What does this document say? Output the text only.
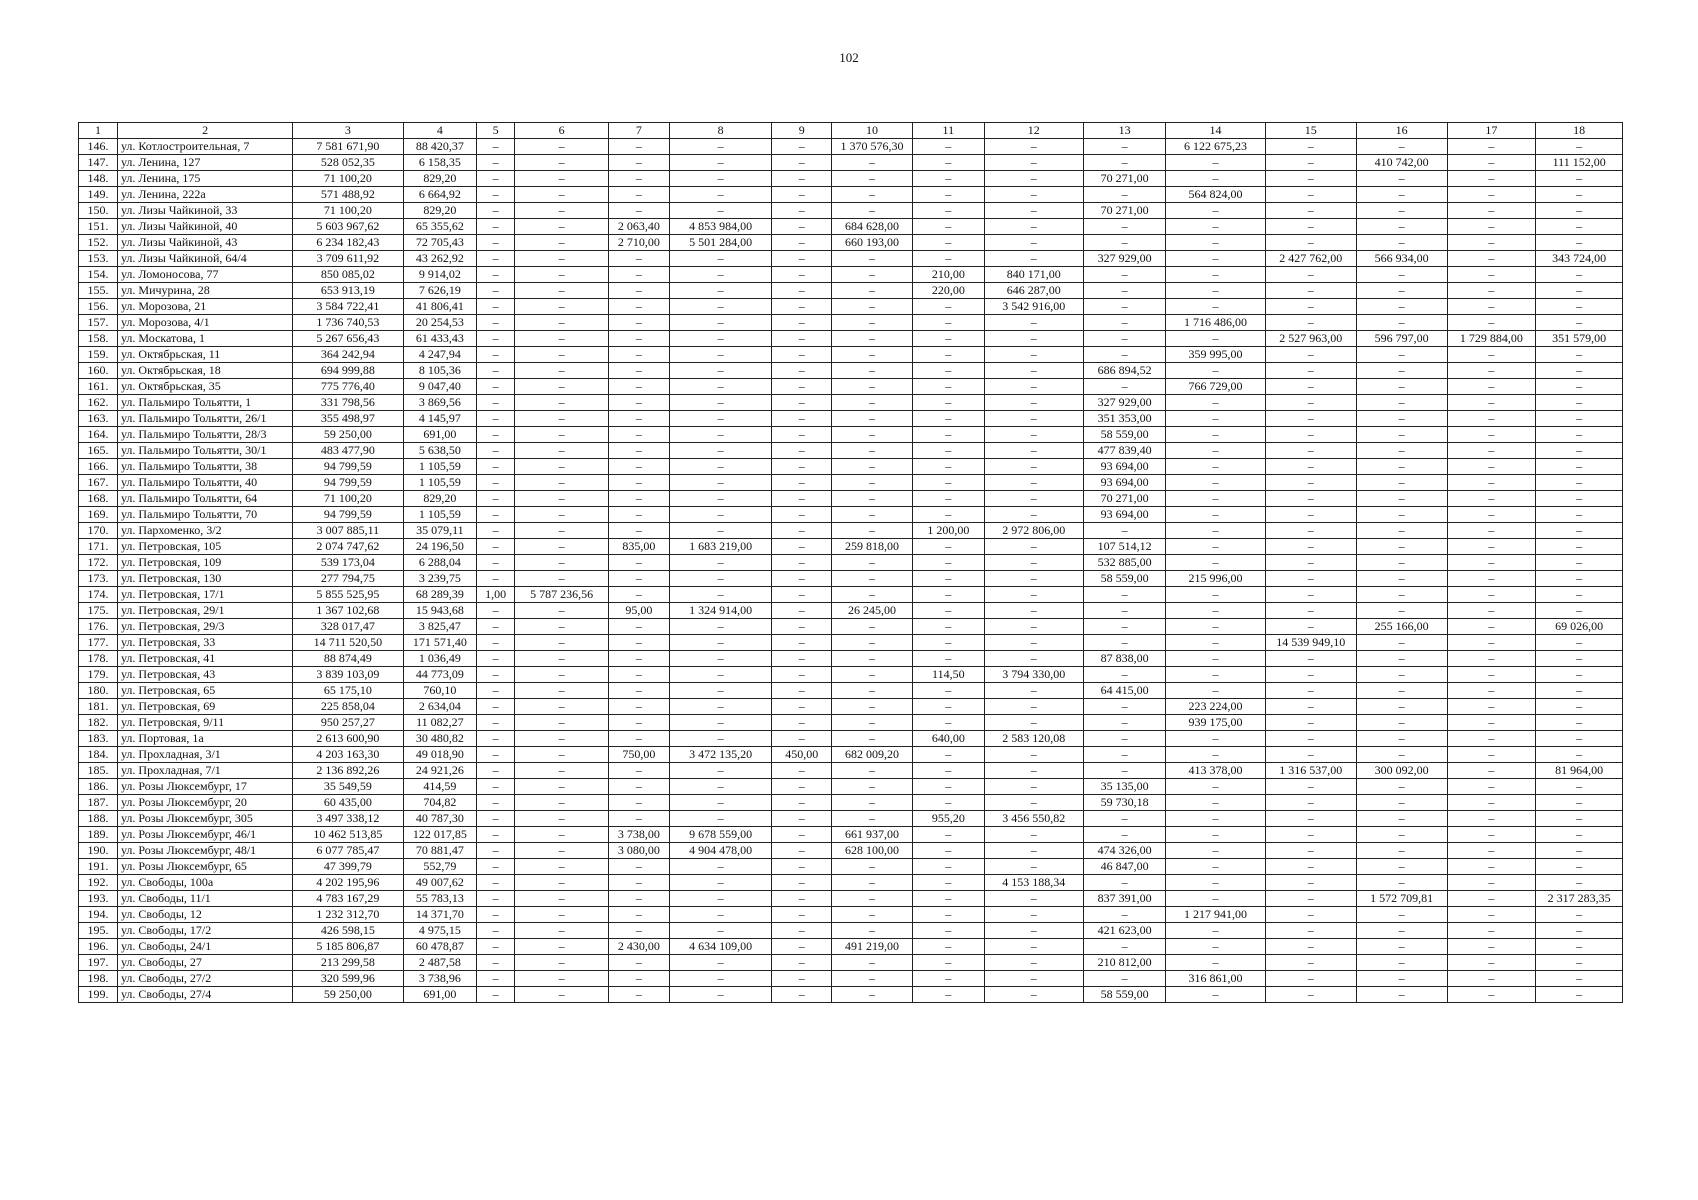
102
1	2	3	4	5	6	7	8	9	10	11	12	13	14	15	16	17	18
146.	ул. Котлостроительная, 7	7 581 671,90	88 420,37	–	–	–	–	–	1 370 576,30	–	–	–	6 122 675,23	–	–	–	–
147.	ул. Ленина, 127	528 052,35	6 158,35	–	–	–	–	–	–	–	–	–	–	–	410 742,00	–	111 152,00
148.	ул. Ленина, 175	71 100,20	829,20	–	–	–	–	–	–	–	–	70 271,00	–	–	–	–	–
149.	ул. Ленина, 222а	571 488,92	6 664,92	–	–	–	–	–	–	–	–	–	564 824,00	–	–	–	–
150.	ул. Лизы Чайкиной, 33	71 100,20	829,20	–	–	–	–	–	–	–	–	70 271,00	–	–	–	–	–
151.	ул. Лизы Чайкиной, 40	5 603 967,62	65 355,62	–	–	2 063,40	4 853 984,00	–	684 628,00	–	–	–	–	–	–	–	–
152.	ул. Лизы Чайкиной, 43	6 234 182,43	72 705,43	–	–	2 710,00	5 501 284,00	–	660 193,00	–	–	–	–	–	–	–	–
153.	ул. Лизы Чайкиной, 64/4	3 709 611,92	43 262,92	–	–	–	–	–	–	–	–	327 929,00	–	2 427 762,00	566 934,00	–	343 724,00
154.	ул. Ломоносова, 77	850 085,02	9 914,02	–	–	–	–	–	–	210,00	840 171,00	–	–	–	–	–	–
155.	ул. Мичурина, 28	653 913,19	7 626,19	–	–	–	–	–	–	220,00	646 287,00	–	–	–	–	–	–
156.	ул. Морозова, 21	3 584 722,41	41 806,41	–	–	–	–	–	–	–	3 542 916,00	–	–	–	–	–	–
157.	ул. Морозова, 4/1	1 736 740,53	20 254,53	–	–	–	–	–	–	–	–	–	1 716 486,00	–	–	–	–
158.	ул. Москатова, 1	5 267 656,43	61 433,43	–	–	–	–	–	–	–	–	–	–	2 527 963,00	596 797,00	1 729 884,00	351 579,00
159.	ул. Октябрьская, 11	364 242,94	4 247,94	–	–	–	–	–	–	–	–	–	359 995,00	–	–	–	–
160.	ул. Октябрьская, 18	694 999,88	8 105,36	–	–	–	–	–	–	–	–	686 894,52	–	–	–	–	–
161.	ул. Октябрьская, 35	775 776,40	9 047,40	–	–	–	–	–	–	–	–	–	766 729,00	–	–	–	–
162.	ул. Пальмиро Тольятти, 1	331 798,56	3 869,56	–	–	–	–	–	–	–	–	327 929,00	–	–	–	–	–
163.	ул. Пальмиро Тольятти, 26/1	355 498,97	4 145,97	–	–	–	–	–	–	–	–	351 353,00	–	–	–	–	–
164.	ул. Пальмиро Тольятти, 28/3	59 250,00	691,00	–	–	–	–	–	–	–	–	58 559,00	–	–	–	–	–
165.	ул. Пальмиро Тольятти, 30/1	483 477,90	5 638,50	–	–	–	–	–	–	–	–	477 839,40	–	–	–	–	–
166.	ул. Пальмиро Тольятти, 38	94 799,59	1 105,59	–	–	–	–	–	–	–	–	93 694,00	–	–	–	–	–
167.	ул. Пальмиро Тольятти, 40	94 799,59	1 105,59	–	–	–	–	–	–	–	–	93 694,00	–	–	–	–	–
168.	ул. Пальмиро Тольятти, 64	71 100,20	829,20	–	–	–	–	–	–	–	–	70 271,00	–	–	–	–	–
169.	ул. Пальмиро Тольятти, 70	94 799,59	1 105,59	–	–	–	–	–	–	–	–	93 694,00	–	–	–	–	–
170.	ул. Пархоменко, 3/2	3 007 885,11	35 079,11	–	–	–	–	–	–	1 200,00	2 972 806,00	–	–	–	–	–	–
171.	ул. Петровская, 105	2 074 747,62	24 196,50	–	–	835,00	1 683 219,00	–	259 818,00	–	–	107 514,12	–	–	–	–	–
172.	ул. Петровская, 109	539 173,04	6 288,04	–	–	–	–	–	–	–	–	532 885,00	–	–	–	–	–
173.	ул. Петровская, 130	277 794,75	3 239,75	–	–	–	–	–	–	–	–	58 559,00	215 996,00	–	–	–	–
174.	ул. Петровская, 17/1	5 855 525,95	68 289,39	1,00	5 787 236,56	–	–	–	–	–	–	–	–	–	–	–	–
175.	ул. Петровская, 29/1	1 367 102,68	15 943,68	–	–	95,00	1 324 914,00	–	26 245,00	–	–	–	–	–	–	–	–
176.	ул. Петровская, 29/3	328 017,47	3 825,47	–	–	–	–	–	–	–	–	–	–	–	255 166,00	–	69 026,00
177.	ул. Петровская, 33	14 711 520,50	171 571,40	–	–	–	–	–	–	–	–	–	–	14 539 949,10	–	–	–
178.	ул. Петровская, 41	88 874,49	1 036,49	–	–	–	–	–	–	–	–	87 838,00	–	–	–	–	–
179.	ул. Петровская, 43	3 839 103,09	44 773,09	–	–	–	–	–	–	114,50	3 794 330,00	–	–	–	–	–	–
180.	ул. Петровская, 65	65 175,10	760,10	–	–	–	–	–	–	–	–	64 415,00	–	–	–	–	–
181.	ул. Петровская, 69	225 858,04	2 634,04	–	–	–	–	–	–	–	–	–	223 224,00	–	–	–	–
182.	ул. Петровская, 9/11	950 257,27	11 082,27	–	–	–	–	–	–	–	–	–	939 175,00	–	–	–	–
183.	ул. Портовая, 1а	2 613 600,90	30 480,82	–	–	–	–	–	–	640,00	2 583 120,08	–	–	–	–	–	–
184.	ул. Прохладная, 3/1	4 203 163,30	49 018,90	–	–	750,00	3 472 135,20	450,00	682 009,20	–	–	–	–	–	–	–	–
185.	ул. Прохладная, 7/1	2 136 892,26	24 921,26	–	–	–	–	–	–	–	–	–	413 378,00	1 316 537,00	300 092,00	–	81 964,00
186.	ул. Розы Люксембург, 17	35 549,59	414,59	–	–	–	–	–	–	–	–	35 135,00	–	–	–	–	–
187.	ул. Розы Люксембург, 20	60 435,00	704,82	–	–	–	–	–	–	–	–	59 730,18	–	–	–	–	–
188.	ул. Розы Люксембург, 305	3 497 338,12	40 787,30	–	–	–	–	–	–	955,20	3 456 550,82	–	–	–	–	–	–
189.	ул. Розы Люксембург, 46/1	10 462 513,85	122 017,85	–	–	3 738,00	9 678 559,00	–	661 937,00	–	–	–	–	–	–	–	–
190.	ул. Розы Люксембург, 48/1	6 077 785,47	70 881,47	–	–	3 080,00	4 904 478,00	–	628 100,00	–	–	474 326,00	–	–	–	–	–
191.	ул. Розы Люксембург, 65	47 399,79	552,79	–	–	–	–	–	–	–	–	46 847,00	–	–	–	–	–
192.	ул. Свободы, 100а	4 202 195,96	49 007,62	–	–	–	–	–	–	–	4 153 188,34	–	–	–	–	–	–
193.	ул. Свободы, 11/1	4 783 167,29	55 783,13	–	–	–	–	–	–	–	–	837 391,00	–	–	1 572 709,81	–	2 317 283,35
194.	ул. Свободы, 12	1 232 312,70	14 371,70	–	–	–	–	–	–	–	–	–	1 217 941,00	–	–	–	–
195.	ул. Свободы, 17/2	426 598,15	4 975,15	–	–	–	–	–	–	–	–	421 623,00	–	–	–	–	–
196.	ул. Свободы, 24/1	5 185 806,87	60 478,87	–	–	2 430,00	4 634 109,00	–	491 219,00	–	–	–	–	–	–	–	–
197.	ул. Свободы, 27	213 299,58	2 487,58	–	–	–	–	–	–	–	–	210 812,00	–	–	–	–	–
198.	ул. Свободы, 27/2	320 599,96	3 738,96	–	–	–	–	–	–	–	–	–	316 861,00	–	–	–	–
199.	ул. Свободы, 27/4	59 250,00	691,00	–	–	–	–	–	–	–	–	58 559,00	–	–	–	–	–
